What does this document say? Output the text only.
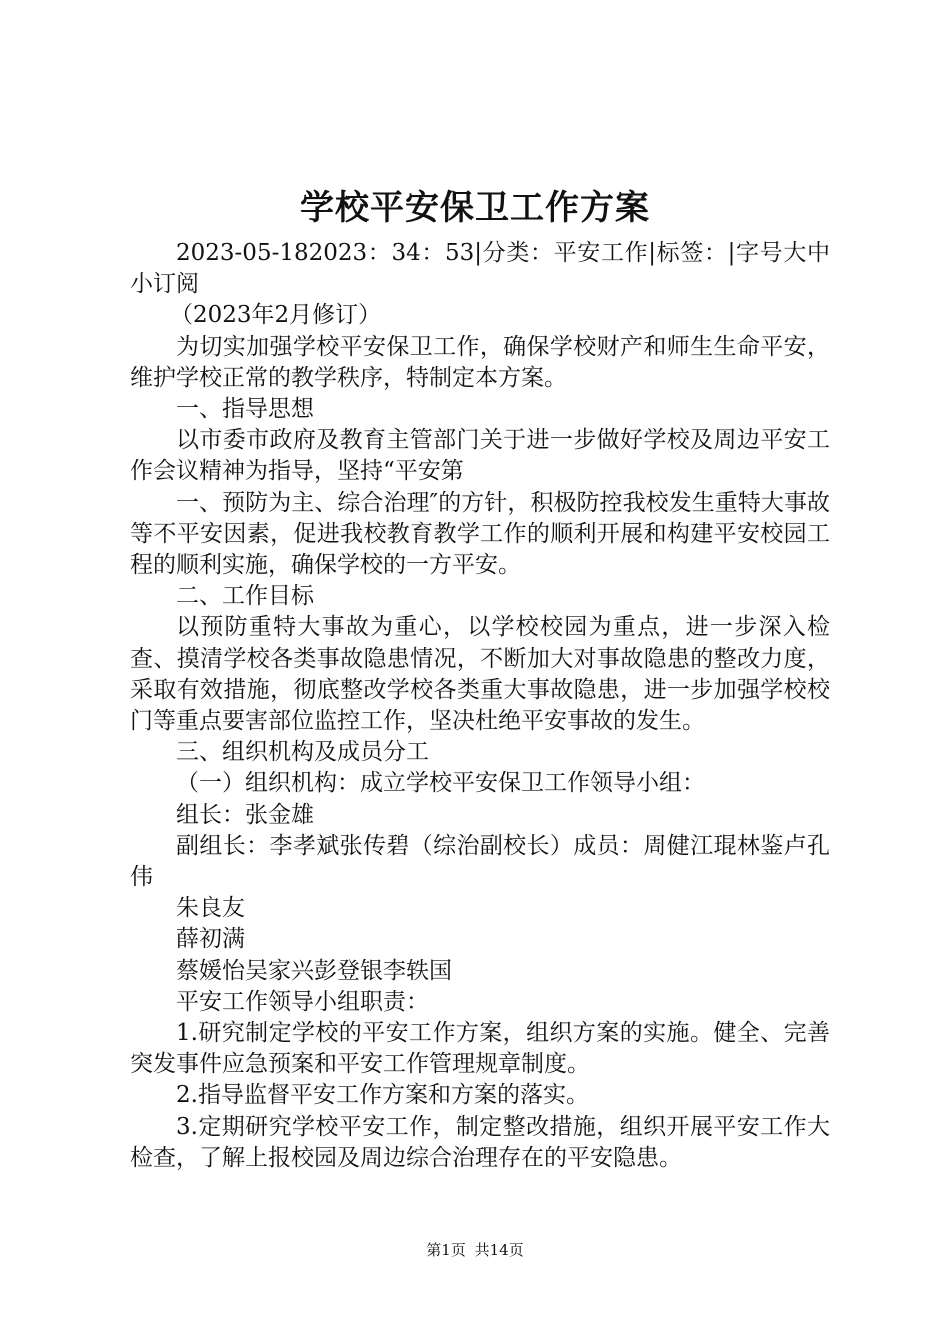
学校平安保卫工作方案

2023-05-182023：34：53|分类：平安工作|标签：|字号大中小订阅

（2023年2月修订）

为切实加强学校平安保卫工作，确保学校财产和师生生命平安，维护学校正常的教学秩序，特制定本方案。

一、指导思想

以市委市政府及教育主管部门关于进一步做好学校及周边平安工作会议精神为指导，坚持“平安第

一、预防为主、综合治理″的方针，积极防控我校发生重特大事故等不平安因素，促进我校教育教学工作的顺利开展和构建平安校园工程的顺利实施，确保学校的一方平安。

二、工作目标

以预防重特大事故为重心，以学校校园为重点，进一步深入检查、摸清学校各类事故隐患情况，不断加大对事故隐患的整改力度，采取有效措施，彻底整改学校各类重大事故隐患，进一步加强学校校门等重点要害部位监控工作，坚决杜绝平安事故的发生。

三、组织机构及成员分工

（一）组织机构：成立学校平安保卫工作领导小组：

组长：张金雄

副组长：李孝斌张传碧（综治副校长）成员：周健江琨林鉴卢孔伟

朱良友

薛初满

蔡媛怡吴家兴彭登银李轶国

平安工作领导小组职责：

1.研究制定学校的平安工作方案，组织方案的实施。健全、完善突发事件应急预案和平安工作管理规章制度。

2.指导监督平安工作方案和方案的落实。

3.定期研究学校平安工作，制定整改措施，组织开展平安工作大检查，了解上报校园及周边综合治理存在的平安隐患。

第1页 共14页
